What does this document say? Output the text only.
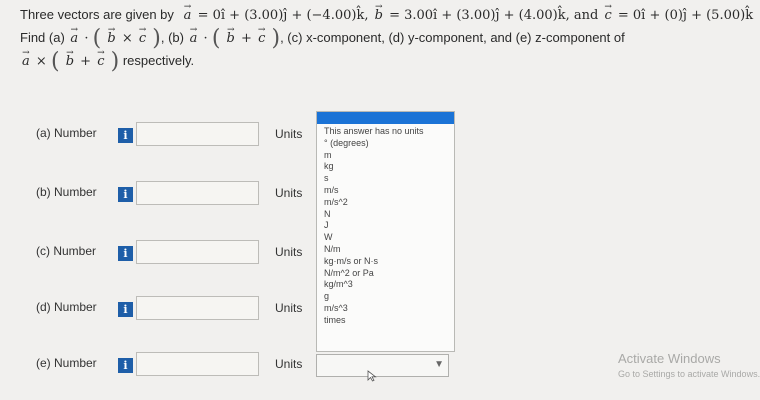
Three vectors are given by → a = 0î + (3.00)ĵ + (−4.00)k̂, → b = 3.00î + (3.00)ĵ + (4.00)k̂, and → c = 0î + (0)ĵ + (5.00)k̂
Find (a) → a · ( → b × → c ), (b) → a · ( → b + → c ), (c) x-component, (d) y-component, and (e) z-component of
→ a × ( → b + → c ) respectively.
(a) Number	i	Units
(b) Number	i	Units
(c) Number	i	Units
(d) Number	i	Units
(e) Number	i	Units
This answer has no units
° (degrees)
m
kg
s
m/s
m/s^2
N
J
W
N/m
kg·m/s or N·s
N/m^2 or Pa
kg/m^3
g
m/s^3
times
▼	Activate Windows
Go to Settings to activate Windows.
